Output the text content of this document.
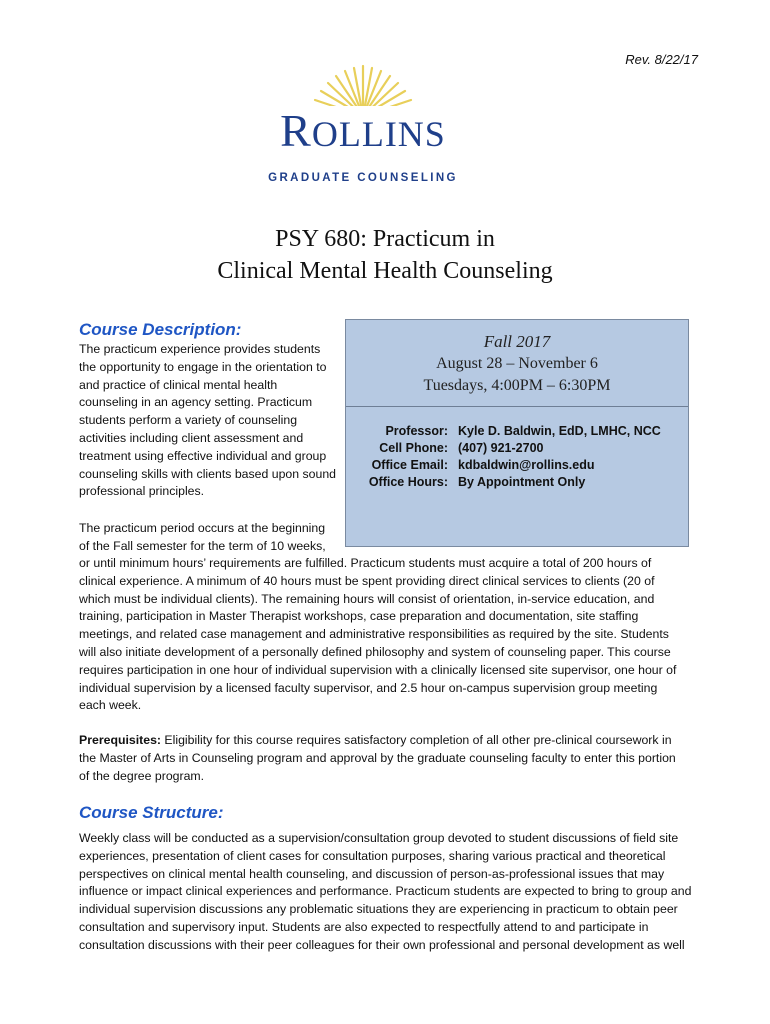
Rev. 8/22/17
ROLLINS
GRADUATE COUNSELING
PSY 680: Practicum in
Clinical Mental Health Counseling
Course Description:
The practicum experience provides students
the opportunity to engage in the orientation to
and practice of clinical mental health
counseling in an agency setting. Practicum
students perform a variety of counseling
activities including client assessment and
treatment using effective individual and group
counseling skills with clients based upon sound
professional principles.
Fall 2017
August 28 – November 6
Tuesdays, 4:00PM – 6:30PM
Professor: Kyle D. Baldwin, EdD, LMHC, NCC
Cell Phone: (407) 921-2700
Office Email: kdbaldwin@rollins.edu
Office Hours: By Appointment Only
The practicum period occurs at the beginning
of the Fall semester for the term of 10 weeks,
or until minimum hours’ requirements are fulfilled. Practicum students must acquire a total of 200 hours of
clinical experience. A minimum of 40 hours must be spent providing direct clinical services to clients (20 of
which must be individual clients). The remaining hours will consist of orientation, in-service education, and
training, participation in Master Therapist workshops, case preparation and documentation, site staffing
meetings, and related case management and administrative responsibilities as required by the site. Students
will also initiate development of a personally defined philosophy and system of counseling paper. This course
requires participation in one hour of individual supervision with a clinically licensed site supervisor, one hour of
individual supervision by a licensed faculty supervisor, and 2.5 hour on-campus supervision group meeting
each week.
Prerequisites: Eligibility for this course requires satisfactory completion of all other pre-clinical coursework in
the Master of Arts in Counseling program and approval by the graduate counseling faculty to enter this portion
of the degree program.
Course Structure:
Weekly class will be conducted as a supervision/consultation group devoted to student discussions of field site
experiences, presentation of client cases for consultation purposes, sharing various practical and theoretical
perspectives on clinical mental health counseling, and discussion of person-as-professional issues that may
influence or impact clinical experiences and performance. Practicum students are expected to bring to group and
individual supervision discussions any problematic situations they are experiencing in practicum to obtain peer
consultation and supervisory input. Students are also expected to respectfully attend to and participate in
consultation discussions with their peer colleagues for their own professional and personal development as well
